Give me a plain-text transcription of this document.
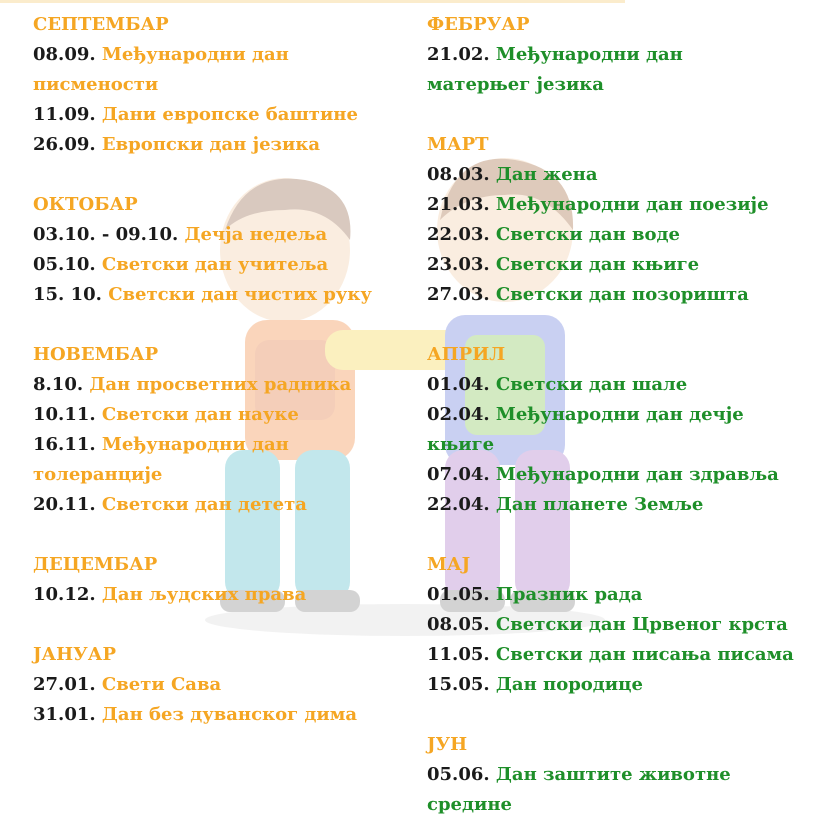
СЕПТЕМБАР
08.09. Међународни дан
писмености
11.09. Дани европске баштине
26.09. Европски дан језика
ОКТОБАР
03.10. - 09.10. Дечја недеља
05.10. Светски дан учитеља
15. 10. Светски дан чистих руку
НОВЕМБАР
8.10. Дан просветних радника
10.11. Светски дан науке
16.11. Међународни дан
толеранције
20.11. Светски дан детета
ДЕЦЕМБАР
10.12. Дан људских права
ЈАНУАР
27.01. Свети Сава
31.01. Дан без дуванског дима
ФЕБРУАР
21.02. Међународни дан
матерњег језика
МАРТ
08.03. Дан жена
21.03. Међународни дан поезије
22.03. Светски дан воде
23.03. Светски дан књиге
27.03. Светски дан позоришта
АПРИЛ
01.04. Светски дан шале
02.04. Међународни дан дечје књиге
07.04. Међународни дан здравља
22.04. Дан планете Земље
МАЈ
01.05. Празник рада
08.05. Светски дан Црвеног крста
11.05. Светски дан писања писама
15.05. Дан породице
ЈУН
05.06. Дан заштите животне средине
